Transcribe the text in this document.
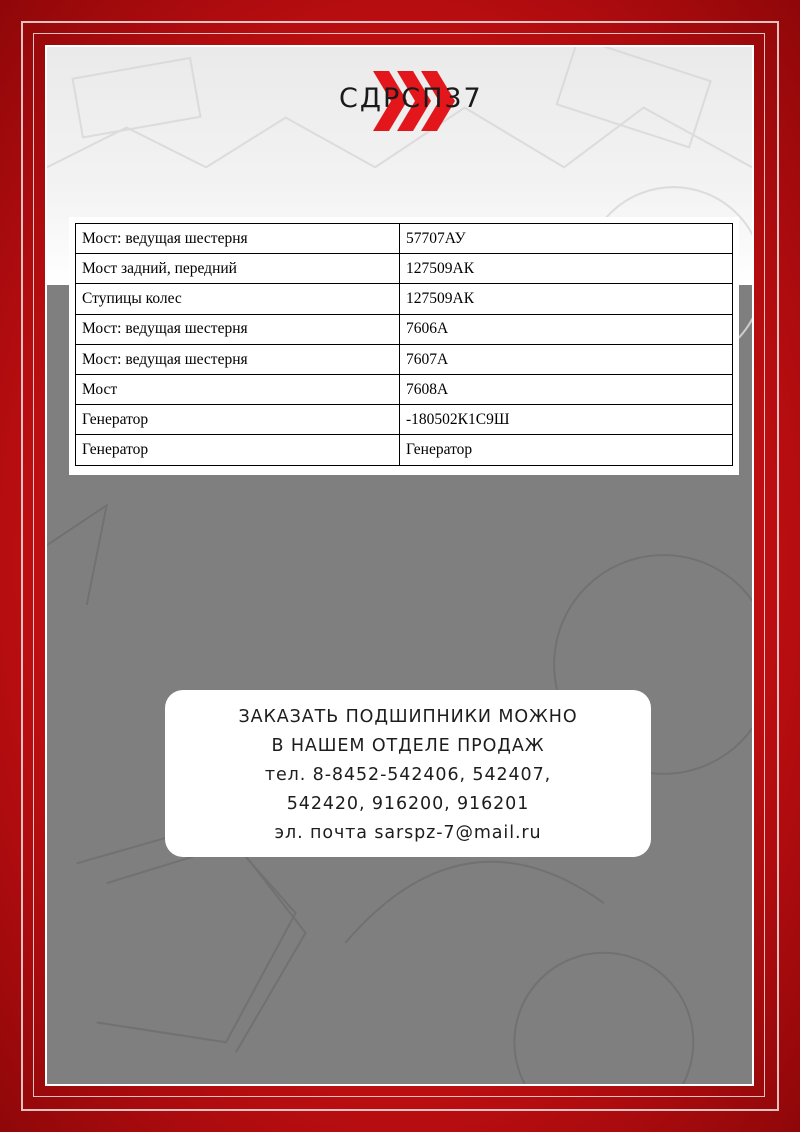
СДРСП37
Мост: ведущая шестерня	57707АУ
Мост задний, передний	127509АК
Ступицы колес	127509АК
Мост: ведущая шестерня	7606А
Мост: ведущая шестерня	7607А
Мост	7608А
Генератор	-180502К1С9Ш
Генератор	Генератор
ЗАКАЗАТЬ ПОДШИПНИКИ МОЖНО
В НАШЕМ ОТДЕЛЕ ПРОДАЖ
тел. 8-8452-542406, 542407,
542420, 916200, 916201
эл. почта sarspz-7@mail.ru
